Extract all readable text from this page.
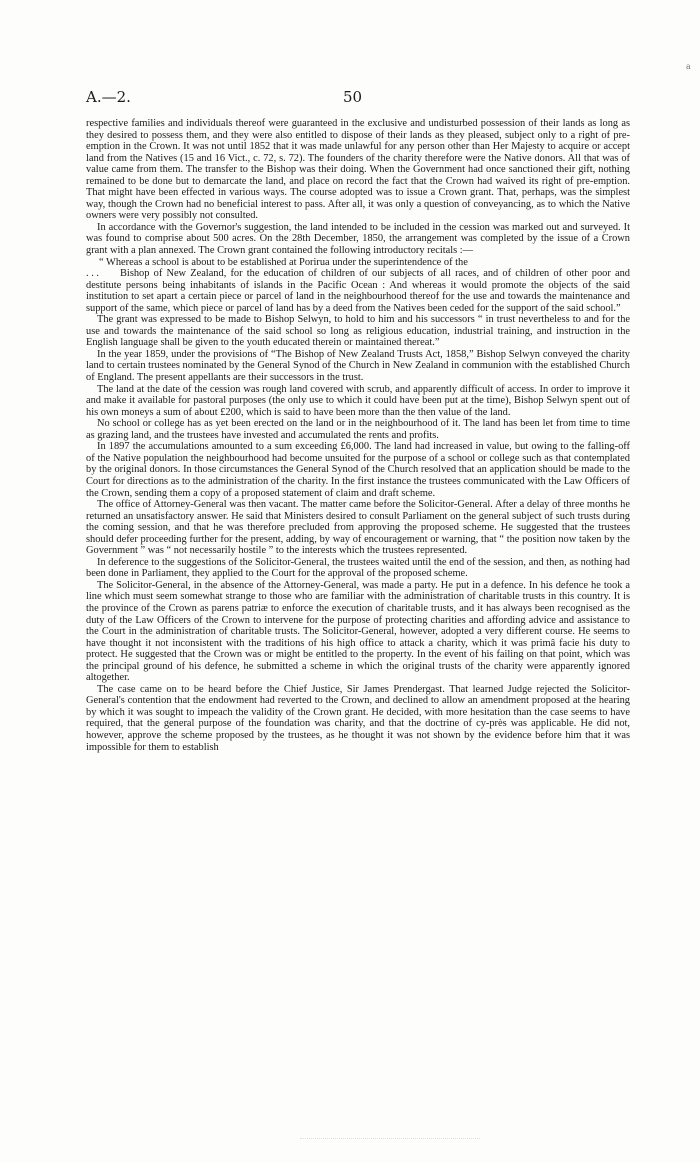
a
A.—2.	50

respective families and individuals thereof were guaranteed in the exclusive and undisturbed possession of their lands as long as they desired to possess them, and they were also entitled to dispose of their lands as they pleased, subject only to a right of pre-emption in the Crown. It was not until 1852 that it was made unlawful for any person other than Her Majesty to acquire or accept land from the Natives (15 and 16 Vict., c. 72, s. 72). The founders of the charity therefore were the Native donors. All that was of value came from them. The transfer to the Bishop was their doing. When the Government had once sanctioned their gift, nothing remained to be done but to demarcate the land, and place on record the fact that the Crown had waived its right of pre-emption. That might have been effected in various ways. The course adopted was to issue a Crown grant. That, perhaps, was the simplest way, though the Crown had no beneficial interest to pass. After all, it was only a question of conveyancing, as to which the Native owners were very possibly not consulted.

In accordance with the Governor's suggestion, the land intended to be included in the cession was marked out and surveyed. It was found to comprise about 500 acres. On the 28th December, 1850, the arrangement was completed by the issue of a Crown grant with a plan annexed. The Crown grant contained the following introductory recitals :—

“ Whereas a school is about to be established at Porirua under the superintendence of the

. . . Bishop of New Zealand, for the education of children of our subjects of all races, and of children of other poor and destitute persons being inhabitants of islands in the Pacific Ocean : And whereas it would promote the objects of the said institution to set apart a certain piece or parcel of land in the neighbourhood thereof for the use and towards the maintenance and support of the same, which piece or parcel of land has by a deed from the Natives been ceded for the support of the said school.”

The grant was expressed to be made to Bishop Selwyn, to hold to him and his successors “ in trust nevertheless to and for the use and towards the maintenance of the said school so long as religious education, industrial training, and instruction in the English language shall be given to the youth educated therein or maintained thereat.”

In the year 1859, under the provisions of “The Bishop of New Zealand Trusts Act, 1858,” Bishop Selwyn conveyed the charity land to certain trustees nominated by the General Synod of the Church in New Zealand in communion with the established Church of England. The present appellants are their successors in the trust.

The land at the date of the cession was rough land covered with scrub, and apparently difficult of access. In order to improve it and make it available for pastoral purposes (the only use to which it could have been put at the time), Bishop Selwyn spent out of his own moneys a sum of about £200, which is said to have been more than the then value of the land.

No school or college has as yet been erected on the land or in the neighbourhood of it. The land has been let from time to time as grazing land, and the trustees have invested and accumulated the rents and profits.

In 1897 the accumulations amounted to a sum exceeding £6,000. The land had increased in value, but owing to the falling-off of the Native population the neighbourhood had become unsuited for the purpose of a school or college such as that contemplated by the original donors. In those circumstances the General Synod of the Church resolved that an application should be made to the Court for directions as to the administration of the charity. In the first instance the trustees communicated with the Law Officers of the Crown, sending them a copy of a proposed statement of claim and draft scheme.

The office of Attorney-General was then vacant. The matter came before the Solicitor-General. After a delay of three months he returned an unsatisfactory answer. He said that Ministers desired to consult Parliament on the general subject of such trusts during the coming session, and that he was therefore precluded from approving the proposed scheme. He suggested that the trustees should defer proceeding further for the present, adding, by way of encouragement or warning, that “ the position now taken by the Government ” was “ not necessarily hostile ” to the interests which the trustees represented.

In deference to the suggestions of the Solicitor-General, the trustees waited until the end of the session, and then, as nothing had been done in Parliament, they applied to the Court for the approval of the proposed scheme.

The Solicitor-General, in the absence of the Attorney-General, was made a party. He put in a defence. In his defence he took a line which must seem somewhat strange to those who are familiar with the administration of charitable trusts in this country. It is the province of the Crown as parens patriæ to enforce the execution of charitable trusts, and it has always been recognised as the duty of the Law Officers of the Crown to intervene for the purpose of protecting charities and affording advice and assistance to the Court in the administration of charitable trusts. The Solicitor-General, however, adopted a very different course. He seems to have thought it not inconsistent with the traditions of his high office to attack a charity, which it was primâ facie his duty to protect. He suggested that the Crown was or might be entitled to the property. In the event of his failing on that point, which was the principal ground of his defence, he submitted a scheme in which the original trusts of the charity were apparently ignored altogether.

The case came on to be heard before the Chief Justice, Sir James Prendergast. That learned Judge rejected the Solicitor-General's contention that the endowment had reverted to the Crown, and declined to allow an amendment proposed at the hearing by which it was sought to impeach the validity of the Crown grant. He decided, with more hesitation than the case seems to have required, that the general purpose of the foundation was charity, and that the doctrine of cy-près was applicable. He did not, however, approve the scheme proposed by the trustees, as he thought it was not shown by the evidence before him that it was impossible for them to establish
